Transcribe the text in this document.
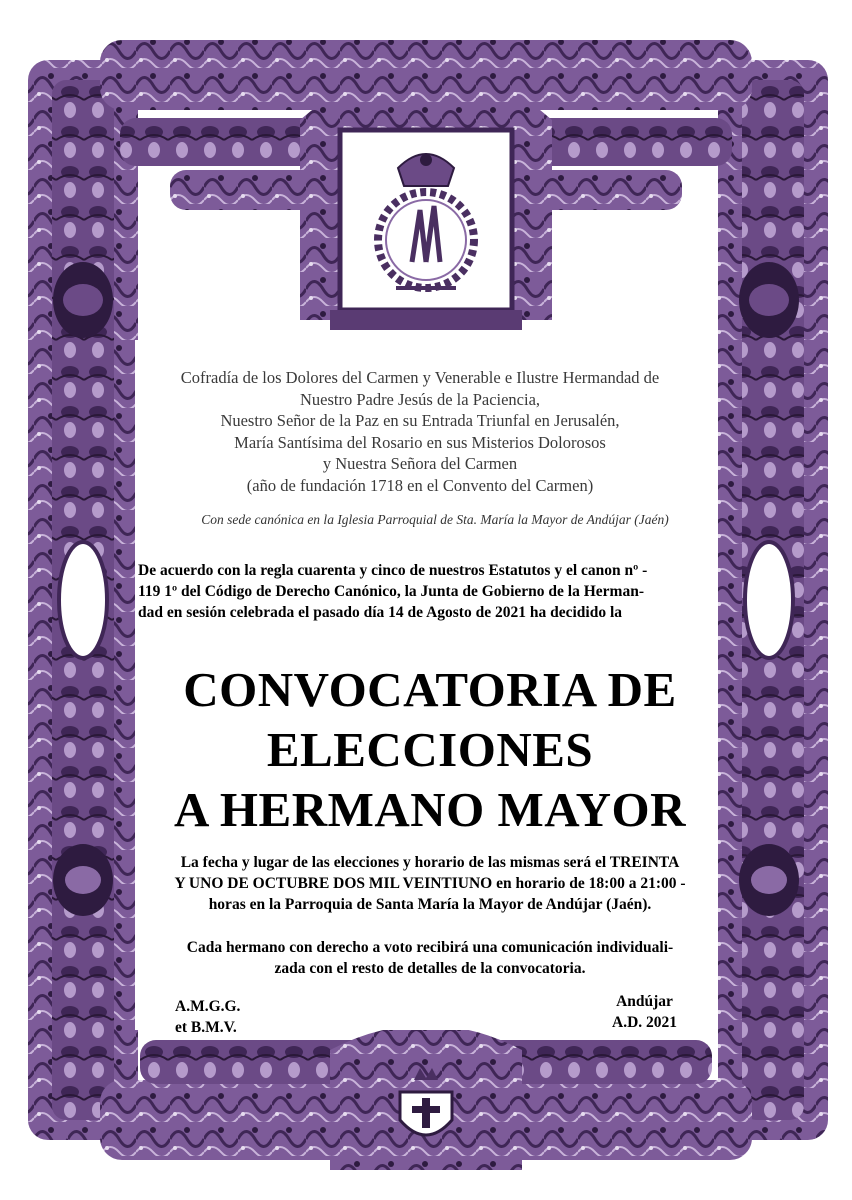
Cofradía de los Dolores del Carmen y Venerable e Ilustre Hermandad de
Nuestro Padre Jesús de la Paciencia,
Nuestro Señor de la Paz en su Entrada Triunfal en Jerusalén,
María Santísima del Rosario en sus Misterios Dolorosos
y Nuestra Señora del Carmen
(año de fundación 1718 en el Convento del Carmen)
Con sede canónica en la Iglesia Parroquial de Sta. María la Mayor de Andújar (Jaén)
De acuerdo con la regla cuarenta y cinco de nuestros Estatutos y el canon nº -
119 1º del Código de Derecho Canónico, la Junta de Gobierno de la Herman-
dad en sesión celebrada el pasado día 14 de Agosto de 2021 ha decidido la
CONVOCATORIA DE
ELECCIONES
A HERMANO MAYOR
La fecha y lugar de las elecciones y horario de las mismas será el TREINTA
Y UNO DE OCTUBRE DOS MIL VEINTIUNO en horario de 18:00 a 21:00 -
horas en la Parroquia de Santa María la Mayor de Andújar (Jaén).
Cada hermano con derecho a voto recibirá una comunicación individuali-
zada con el resto de detalles de la convocatoria.
A.M.G.G.
et B.M.V.
Andújar
A.D. 2021
